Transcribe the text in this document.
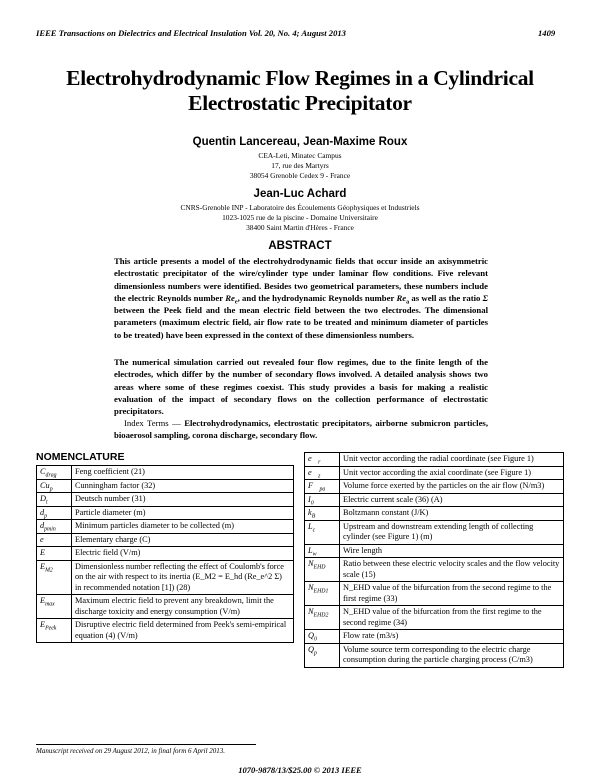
IEEE Transactions on Dielectrics and Electrical Insulation Vol. 20, No. 4; August 2013	1409
Electrohydrodynamic Flow Regimes in a Cylindrical Electrostatic Precipitator
Quentin Lancereau, Jean-Maxime Roux
CEA-Leti, Minatec Campus
17, rue des Martyrs
38054 Grenoble Cedex 9 - France
Jean-Luc Achard
CNRS-Grenoble INP - Laboratoire des Écoulements Géophysiques et Industriels
1023-1025 rue de la piscine - Domaine Universitaire
38400 Saint Martin d'Hères - France
ABSTRACT
This article presents a model of the electrohydrodynamic fields that occur inside an axisymmetric electrostatic precipitator of the wire/cylinder type under laminar flow conditions. Five relevant dimensionless numbers were identified. Besides two geometrical parameters, these numbers include the electric Reynolds number $Re_e$, and the hydrodynamic Reynolds number $Re_a$ as well as the ratio Σ between the Peek field and the mean electric field between the two electrodes. The dimensional parameters (maximum electric field, air flow rate to be treated and minimum diameter of particles to be treated) have been expressed in the context of these dimensionless numbers.
The numerical simulation carried out revealed four flow regimes, due to the finite length of the electrodes, which differ by the number of secondary flows involved. A detailed analysis shows two areas where some of these regimes coexist. This study provides a basis for making a realistic evaluation of the impact of secondary flows on the collection performance of electrostatic precipitators.
Index Terms — Electrohydrodynamics, electrostatic precipitators, airborne submicron particles, bioaerosol sampling, corona discharge, secondary flow.
NOMENCLATURE
$C_{drag}$	Feng coefficient (21)
$Cu_p$	Cunningham factor (32)
$D_t$	Deutsch number (31)
$d_p$	Particle diameter (m)
$d_{pmin}$	Minimum particles diameter to be collected (m)
e	Elementary charge (C)
E⃗	Electric field (V/m)
$E_{M2}$	Dimensionless number reflecting the effect of Coulomb's force on the air with respect to its inertia (E_M2 = E_hd (Re_e^2 Σ) in recommended notation [1]) (28)
$E_{max}$	Maximum electric field to prevent any breakdown, limit the discharge toxicity and energy consumption (V/m)
$E_{Peek}$	Disruptive electric field determined from Peek's semi-empirical equation (4) (V/m)
$e⃗_r$	Unit vector according the radial coordinate (see Figure 1)
$e⃗_z$	Unit vector according the axial coordinate (see Figure 1)
$F⃗_{pa}$	Volume force exerted by the particles on the air flow (N/m3)
$I_0$	Electric current scale (36) (A)
$k_B$	Boltzmann constant (J/K)
$L_c$	Upstream and downstream extending length of collecting cylinder (see Figure 1) (m)
$L_w$	Wire length
$N_{EHD}$	Ratio between these electric velocity scales and the flow velocity scale (15)
$N_{EHD1}$	N_EHD value of the bifurcation from the second regime to the first regime (33)
$N_{EHD2}$	N_EHD value of the bifurcation from the first regime to the second regime (34)
$Q_0$	Flow rate (m3/s)
$Q_p$	Volume source term corresponding to the electric charge consumption during the particle charging process (C/m3)
Manuscript received on 29 August 2012, in final form 6 April 2013.
1070-9878/13/$25.00 © 2013 IEEE
